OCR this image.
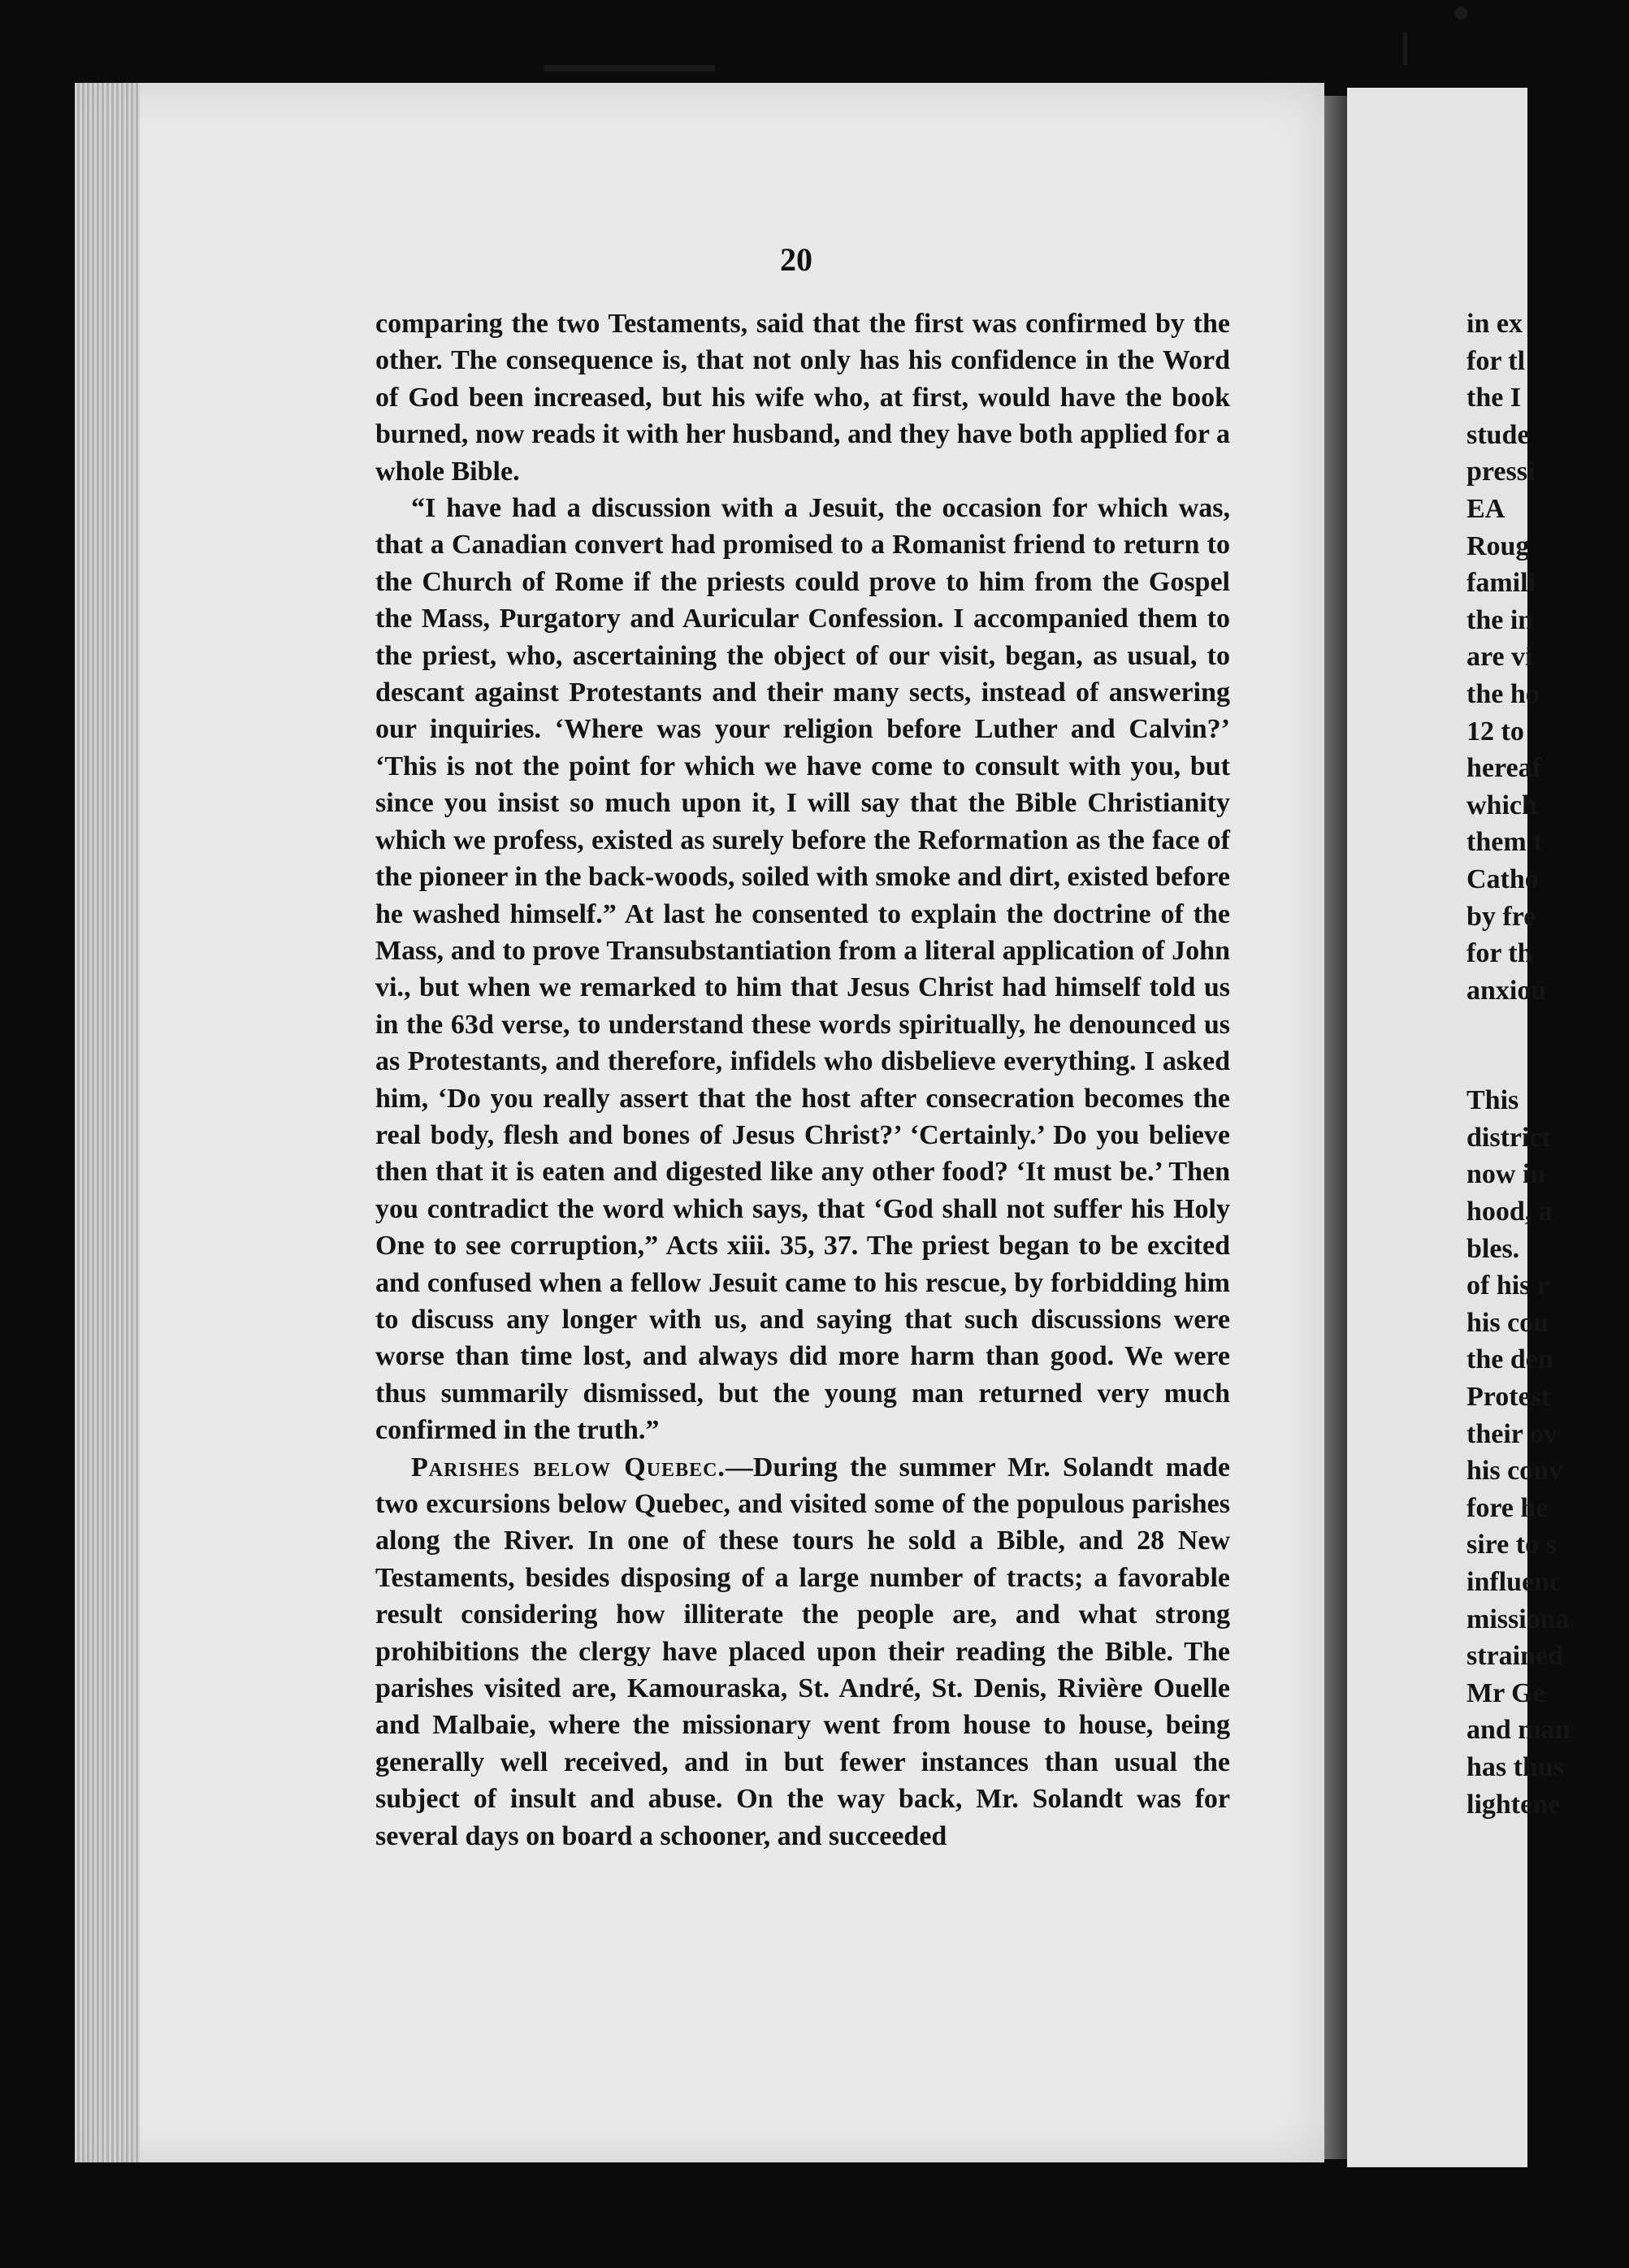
20

comparing the two Testaments, said that the first was confirmed by the other. The consequence is, that not only has his confidence in the Word of God been increased, but his wife who, at first, would have the book burned, now reads it with her husband, and they have both applied for a whole Bible.

“I have had a discussion with a Jesuit, the occasion for which was, that a Canadian convert had promised to a Romanist friend to return to the Church of Rome if the priests could prove to him from the Gospel the Mass, Purgatory and Auricular Confession. I accompanied them to the priest, who, ascertaining the object of our visit, began, as usual, to descant against Protestants and their many sects, instead of answering our inquiries. ‘Where was your religion before Luther and Calvin?’ ‘This is not the point for which we have come to consult with you, but since you insist so much upon it, I will say that the Bible Christianity which we profess, existed as surely before the Reformation as the face of the pioneer in the back-woods, soiled with smoke and dirt, existed before he washed himself.” At last he consented to explain the doctrine of the Mass, and to prove Transubstantiation from a literal application of John vi., but when we remarked to him that Jesus Christ had himself told us in the 63d verse, to understand these words spiritually, he denounced us as Protestants, and therefore, infidels who disbelieve everything. I asked him, ‘Do you really assert that the host after consecration becomes the real body, flesh and bones of Jesus Christ?’ ‘Certainly.’ Do you believe then that it is eaten and digested like any other food? ‘It must be.’ Then you contradict the word which says, that ‘God shall not suffer his Holy One to see corruption,” Acts xiii. 35, 37. The priest began to be excited and confused when a fellow Jesuit came to his rescue, by forbidding him to discuss any longer with us, and saying that such discussions were worse than time lost, and always did more harm than good. We were thus summarily dismissed, but the young man returned very much confirmed in the truth.”

Parishes below Quebec.—During the summer Mr. Solandt made two excursions below Quebec, and visited some of the populous parishes along the River. In one of these tours he sold a Bible, and 28 New Testaments, besides disposing of a large number of tracts; a favorable result considering how illiterate the people are, and what strong prohibitions the clergy have placed upon their reading the Bible. The parishes visited are, Kamouraska, St. André, St. Denis, Rivière Ouelle and Malbaie, where the missionary went from house to house, being generally well received, and in but fewer instances than usual the subject of insult and abuse. On the way back, Mr. Solandt was for several days on board a schooner, and succeeded

in ex
for tl
the I
stude
pressi
EA
Roug
famili
the in
are vi
the ho
12 to
hereaf
which
them t
Catho
by fre
for th
anxiou
This
district
now in
hood, a
bles.
of his r
his cou
the den
Protest
their ov
his conv
fore he
sire to s
influenc
missiona
strained
Mr Ge
and man
has thus
lightene
